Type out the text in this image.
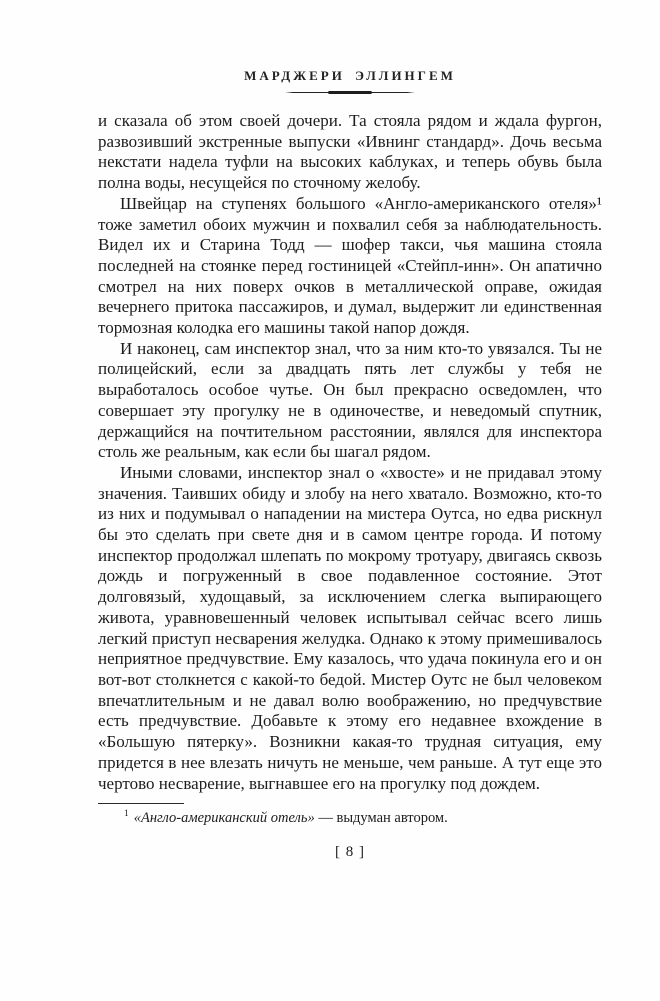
МАРДЖЕРИ ЭЛЛИНГЕМ

и сказала об этом своей дочери. Та стояла рядом и ждала фургон, развозивший экстренные выпуски «Ивнинг стандард». Дочь весьма некстати надела туфли на высоких каблуках, и теперь обувь была полна воды, несущейся по сточному желобу.

Швейцар на ступенях большого «Англо-американского отеля»¹ тоже заметил обоих мужчин и похвалил себя за наблюдательность. Видел их и Старина Тодд — шофер такси, чья машина стояла последней на стоянке перед гостиницей «Стейпл-инн». Он апатично смотрел на них поверх очков в металлической оправе, ожидая вечернего притока пассажиров, и думал, выдержит ли единственная тормозная колодка его машины такой напор дождя.

И наконец, сам инспектор знал, что за ним кто-то увязался. Ты не полицейский, если за двадцать пять лет службы у тебя не выработалось особое чутье. Он был прекрасно осведомлен, что совершает эту прогулку не в одиночестве, и неведомый спутник, держащийся на почтительном расстоянии, являлся для инспектора столь же реальным, как если бы шагал рядом.

Иными словами, инспектор знал о «хвосте» и не придавал этому значения. Таивших обиду и злобу на него хватало. Возможно, кто-то из них и подумывал о нападении на мистера Оутса, но едва рискнул бы это сделать при свете дня и в самом центре города. И потому инспектор продолжал шлепать по мокрому тротуару, двигаясь сквозь дождь и погруженный в свое подавленное состояние. Этот долговязый, худощавый, за исключением слегка выпирающего живота, уравновешенный человек испытывал сейчас всего лишь легкий приступ несварения желудка. Однако к этому примешивалось неприятное предчувствие. Ему казалось, что удача покинула его и он вот-вот столкнется с какой-то бедой. Мистер Оутс не был человеком впечатлительным и не давал волю воображению, но предчувствие есть предчувствие. Добавьте к этому его недавнее вхождение в «Большую пятерку». Возникни какая-то трудная ситуация, ему придется в нее влезать ничуть не меньше, чем раньше. А тут еще это чертово несварение, выгнавшее его на прогулку под дождем.

$^1$ «Англо-американский отель» — выдуман автором.
[ 8 ]
